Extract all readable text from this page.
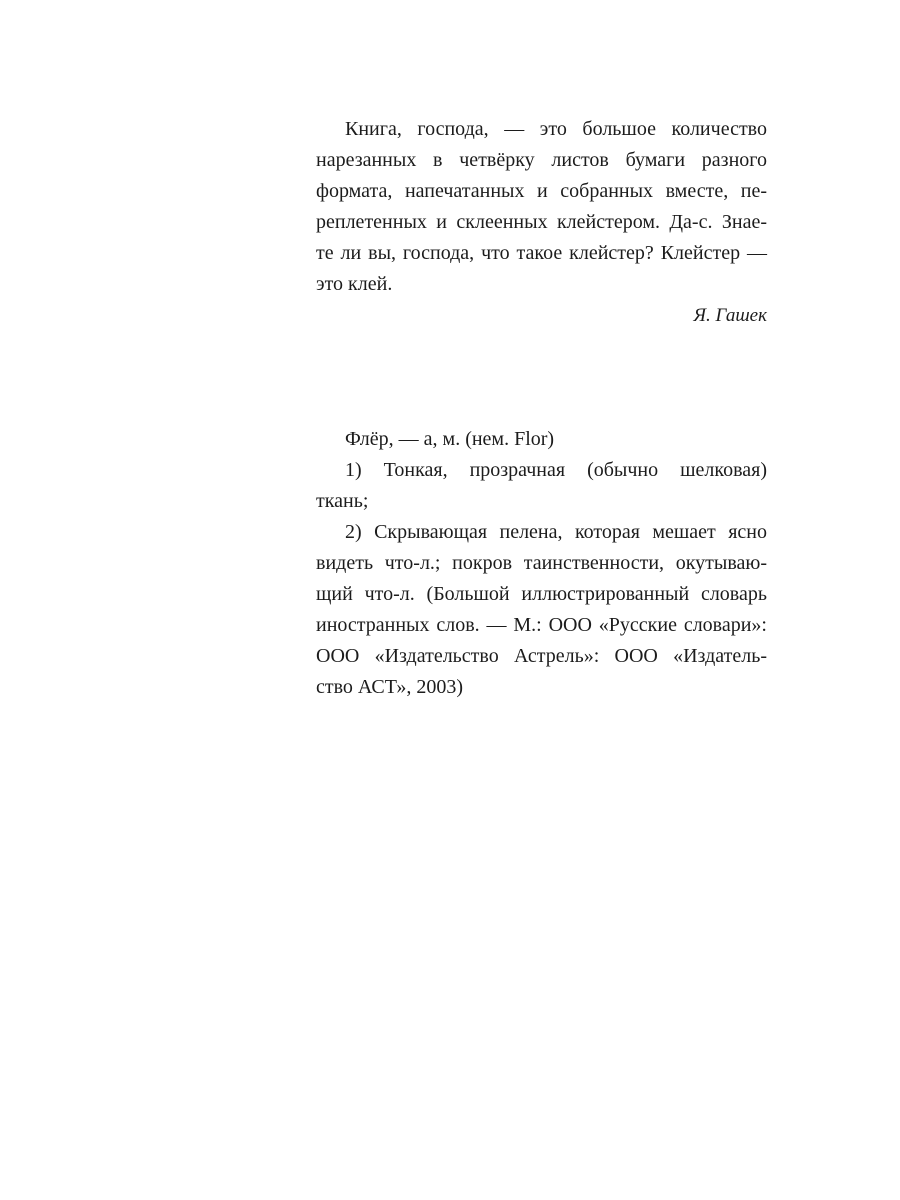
Книга, господа, — это большое количество
нарезанных в четвёрку листов бумаги разного
формата, напечатанных и собранных вместе, пе-
реплетенных и склеенных клейстером. Да-с. Знае-
те ли вы, господа, что такое клейстер? Клейстер —
это клей.
Я. Гашек
Флёр, — а, м. (нем. Flor)
1) Тонкая, прозрачная (обычно шелковая)
ткань;
2) Скрывающая пелена, которая мешает ясно
видеть что-л.; покров таинственности, окутываю-
щий что-л. (Большой иллюстрированный словарь
иностранных слов. — М.: ООО «Русские словари»:
ООО «Издательство Астрель»: ООО «Издатель-
ство АСТ», 2003)
